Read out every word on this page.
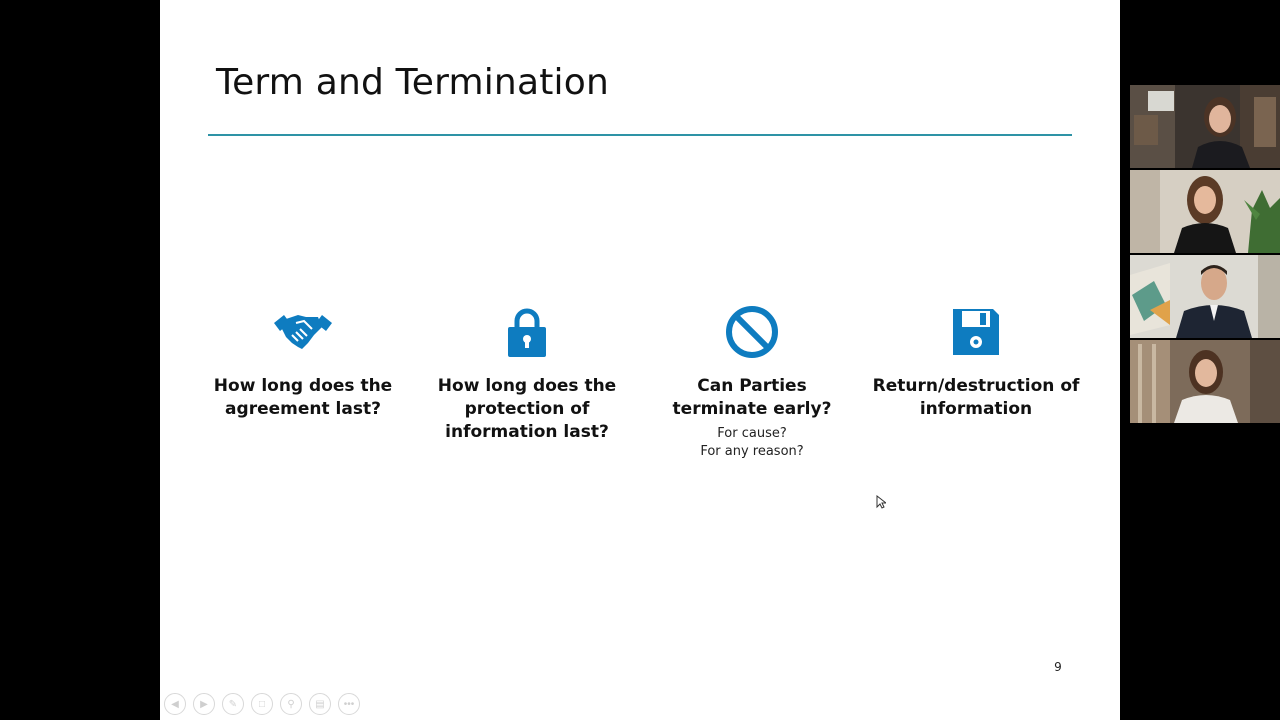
Term and Termination
How long does the agreement last?
How long does the protection of information last?
Can Parties terminate early?
For cause?
For any reason?
Return/destruction of information
9
◀	▶	✎	□	⚲	▤	•••
